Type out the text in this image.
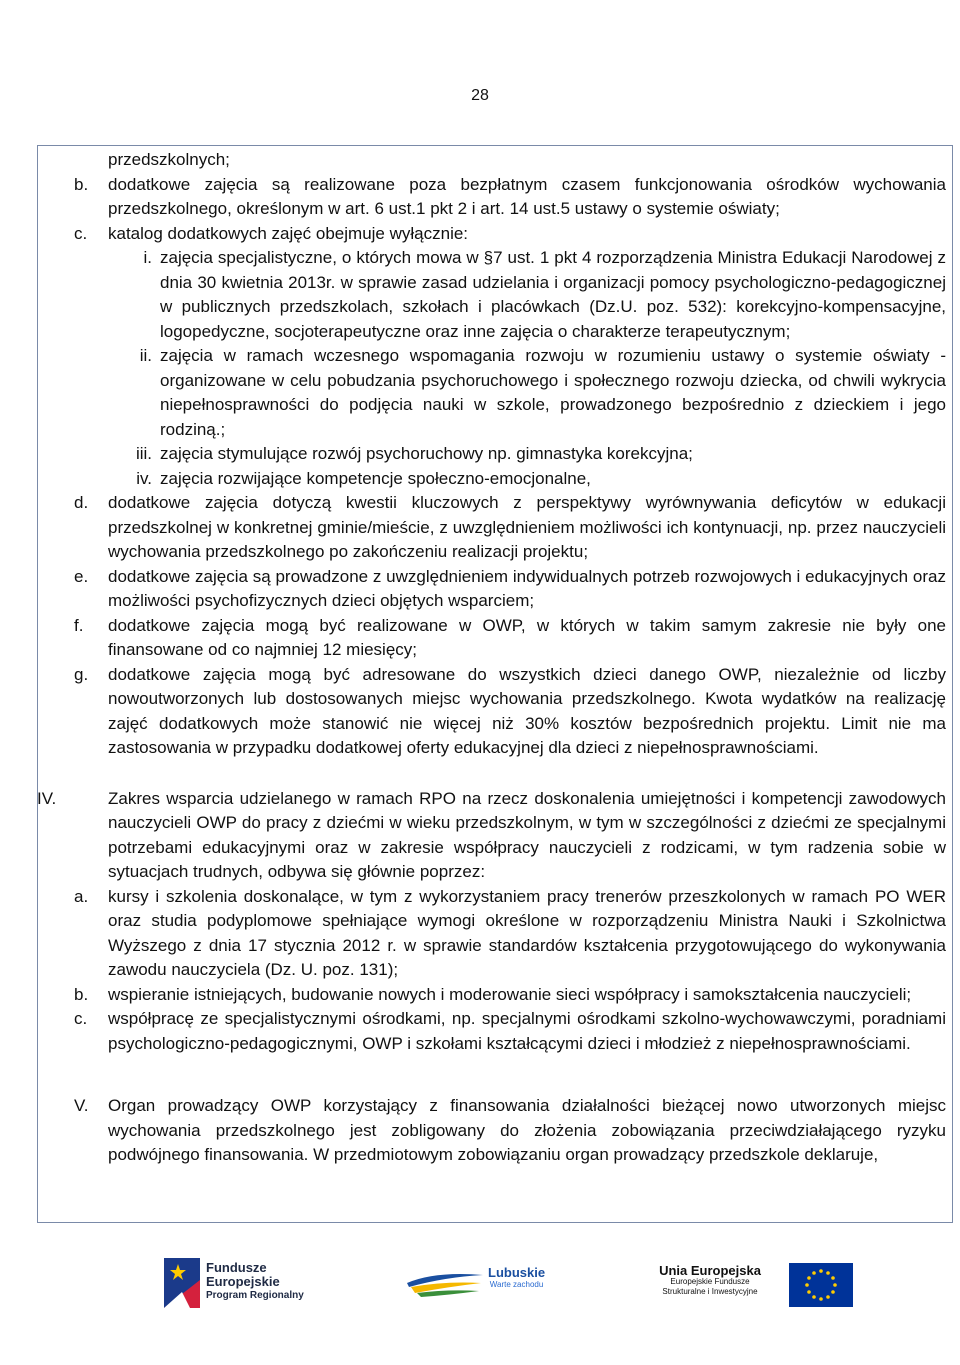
28
przedszkolnych;
b. dodatkowe zajęcia są realizowane poza bezpłatnym czasem funkcjonowania ośrodków wychowania przedszkolnego, określonym w art. 6 ust.1 pkt 2 i art. 14 ust.5 ustawy o systemie oświaty;
c. katalog dodatkowych zajęć obejmuje wyłącznie:
i. zajęcia specjalistyczne, o których mowa w §7 ust. 1 pkt 4 rozporządzenia Ministra Edukacji Narodowej z dnia 30 kwietnia 2013r. w sprawie zasad udzielania i organizacji pomocy psychologiczno-pedagogicznej w publicznych przedszkolach, szkołach i placówkach (Dz.U. poz. 532): korekcyjno-kompensacyjne, logopedyczne, socjoterapeutyczne oraz inne zajęcia o charakterze terapeutycznym;
ii. zajęcia w ramach wczesnego wspomagania rozwoju w rozumieniu ustawy o systemie oświaty - organizowane w celu pobudzania psychoruchowego i społecznego rozwoju dziecka, od chwili wykrycia niepełnosprawności do podjęcia nauki w szkole, prowadzonego bezpośrednio z dzieckiem i jego rodziną.;
iii. zajęcia stymulujące rozwój psychoruchowy np. gimnastyka korekcyjna;
iv. zajęcia rozwijające kompetencje społeczno-emocjonalne,
d. dodatkowe zajęcia dotyczą kwestii kluczowych z perspektywy wyrównywania deficytów w edukacji przedszkolnej w konkretnej gminie/mieście, z uwzględnieniem możliwości ich kontynuacji, np. przez nauczycieli wychowania przedszkolnego po zakończeniu realizacji projektu;
e. dodatkowe zajęcia są prowadzone z uwzględnieniem indywidualnych potrzeb rozwojowych i edukacyjnych oraz możliwości psychofizycznych dzieci objętych wsparciem;
f. dodatkowe zajęcia mogą być realizowane w OWP, w których w takim samym zakresie nie były one finansowane od co najmniej 12 miesięcy;
g. dodatkowe zajęcia mogą być adresowane do wszystkich dzieci danego OWP, niezależnie od liczby nowoutworzonych lub dostosowanych miejsc wychowania przedszkolnego. Kwota wydatków na realizację zajęć dodatkowych może stanowić nie więcej niż 30% kosztów bezpośrednich projektu. Limit nie ma zastosowania w przypadku dodatkowej oferty edukacyjnej dla dzieci z niepełnosprawnościami.
IV.	Zakres wsparcia udzielanego w ramach RPO na rzecz doskonalenia umiejętności i kompetencji zawodowych nauczycieli OWP do pracy z dziećmi w wieku przedszkolnym, w tym w szczególności z dziećmi ze specjalnymi potrzebami edukacyjnymi oraz w zakresie współpracy nauczycieli z rodzicami, w tym radzenia sobie w sytuacjach trudnych, odbywa się głównie poprzez:
a. kursy i szkolenia doskonalące, w tym z wykorzystaniem pracy trenerów przeszkolonych w ramach PO WER oraz studia podyplomowe spełniające wymogi określone w rozporządzeniu Ministra Nauki i Szkolnictwa Wyższego z dnia 17 stycznia 2012 r. w sprawie standardów kształcenia przygotowującego do wykonywania zawodu nauczyciela (Dz. U. poz. 131);
b. wspieranie istniejących, budowanie nowych i moderowanie sieci współpracy i samokształcenia nauczycieli;
c. współpracę ze specjalistycznymi ośrodkami, np. specjalnymi ośrodkami szkolno-wychowawczymi, poradniami psychologiczno-pedagogicznymi, OWP i szkołami kształcącymi dzieci i młodzież z niepełnosprawnościami.
V. Organ prowadzący OWP korzystający z finansowania działalności bieżącej nowo utworzonych miejsc wychowania przedszkolnego jest zobligowany do złożenia zobowiązania przeciwdziałającego ryzyku podwójnego finansowania. W przedmiotowym zobowiązaniu organ prowadzący przedszkole deklaruje,
Fundusze
Europejskie
Program Regionalny
Lubuskie
Warte zachodu
Unia Europejska
Europejskie Fundusze
Strukturalne i Inwestycyjne
